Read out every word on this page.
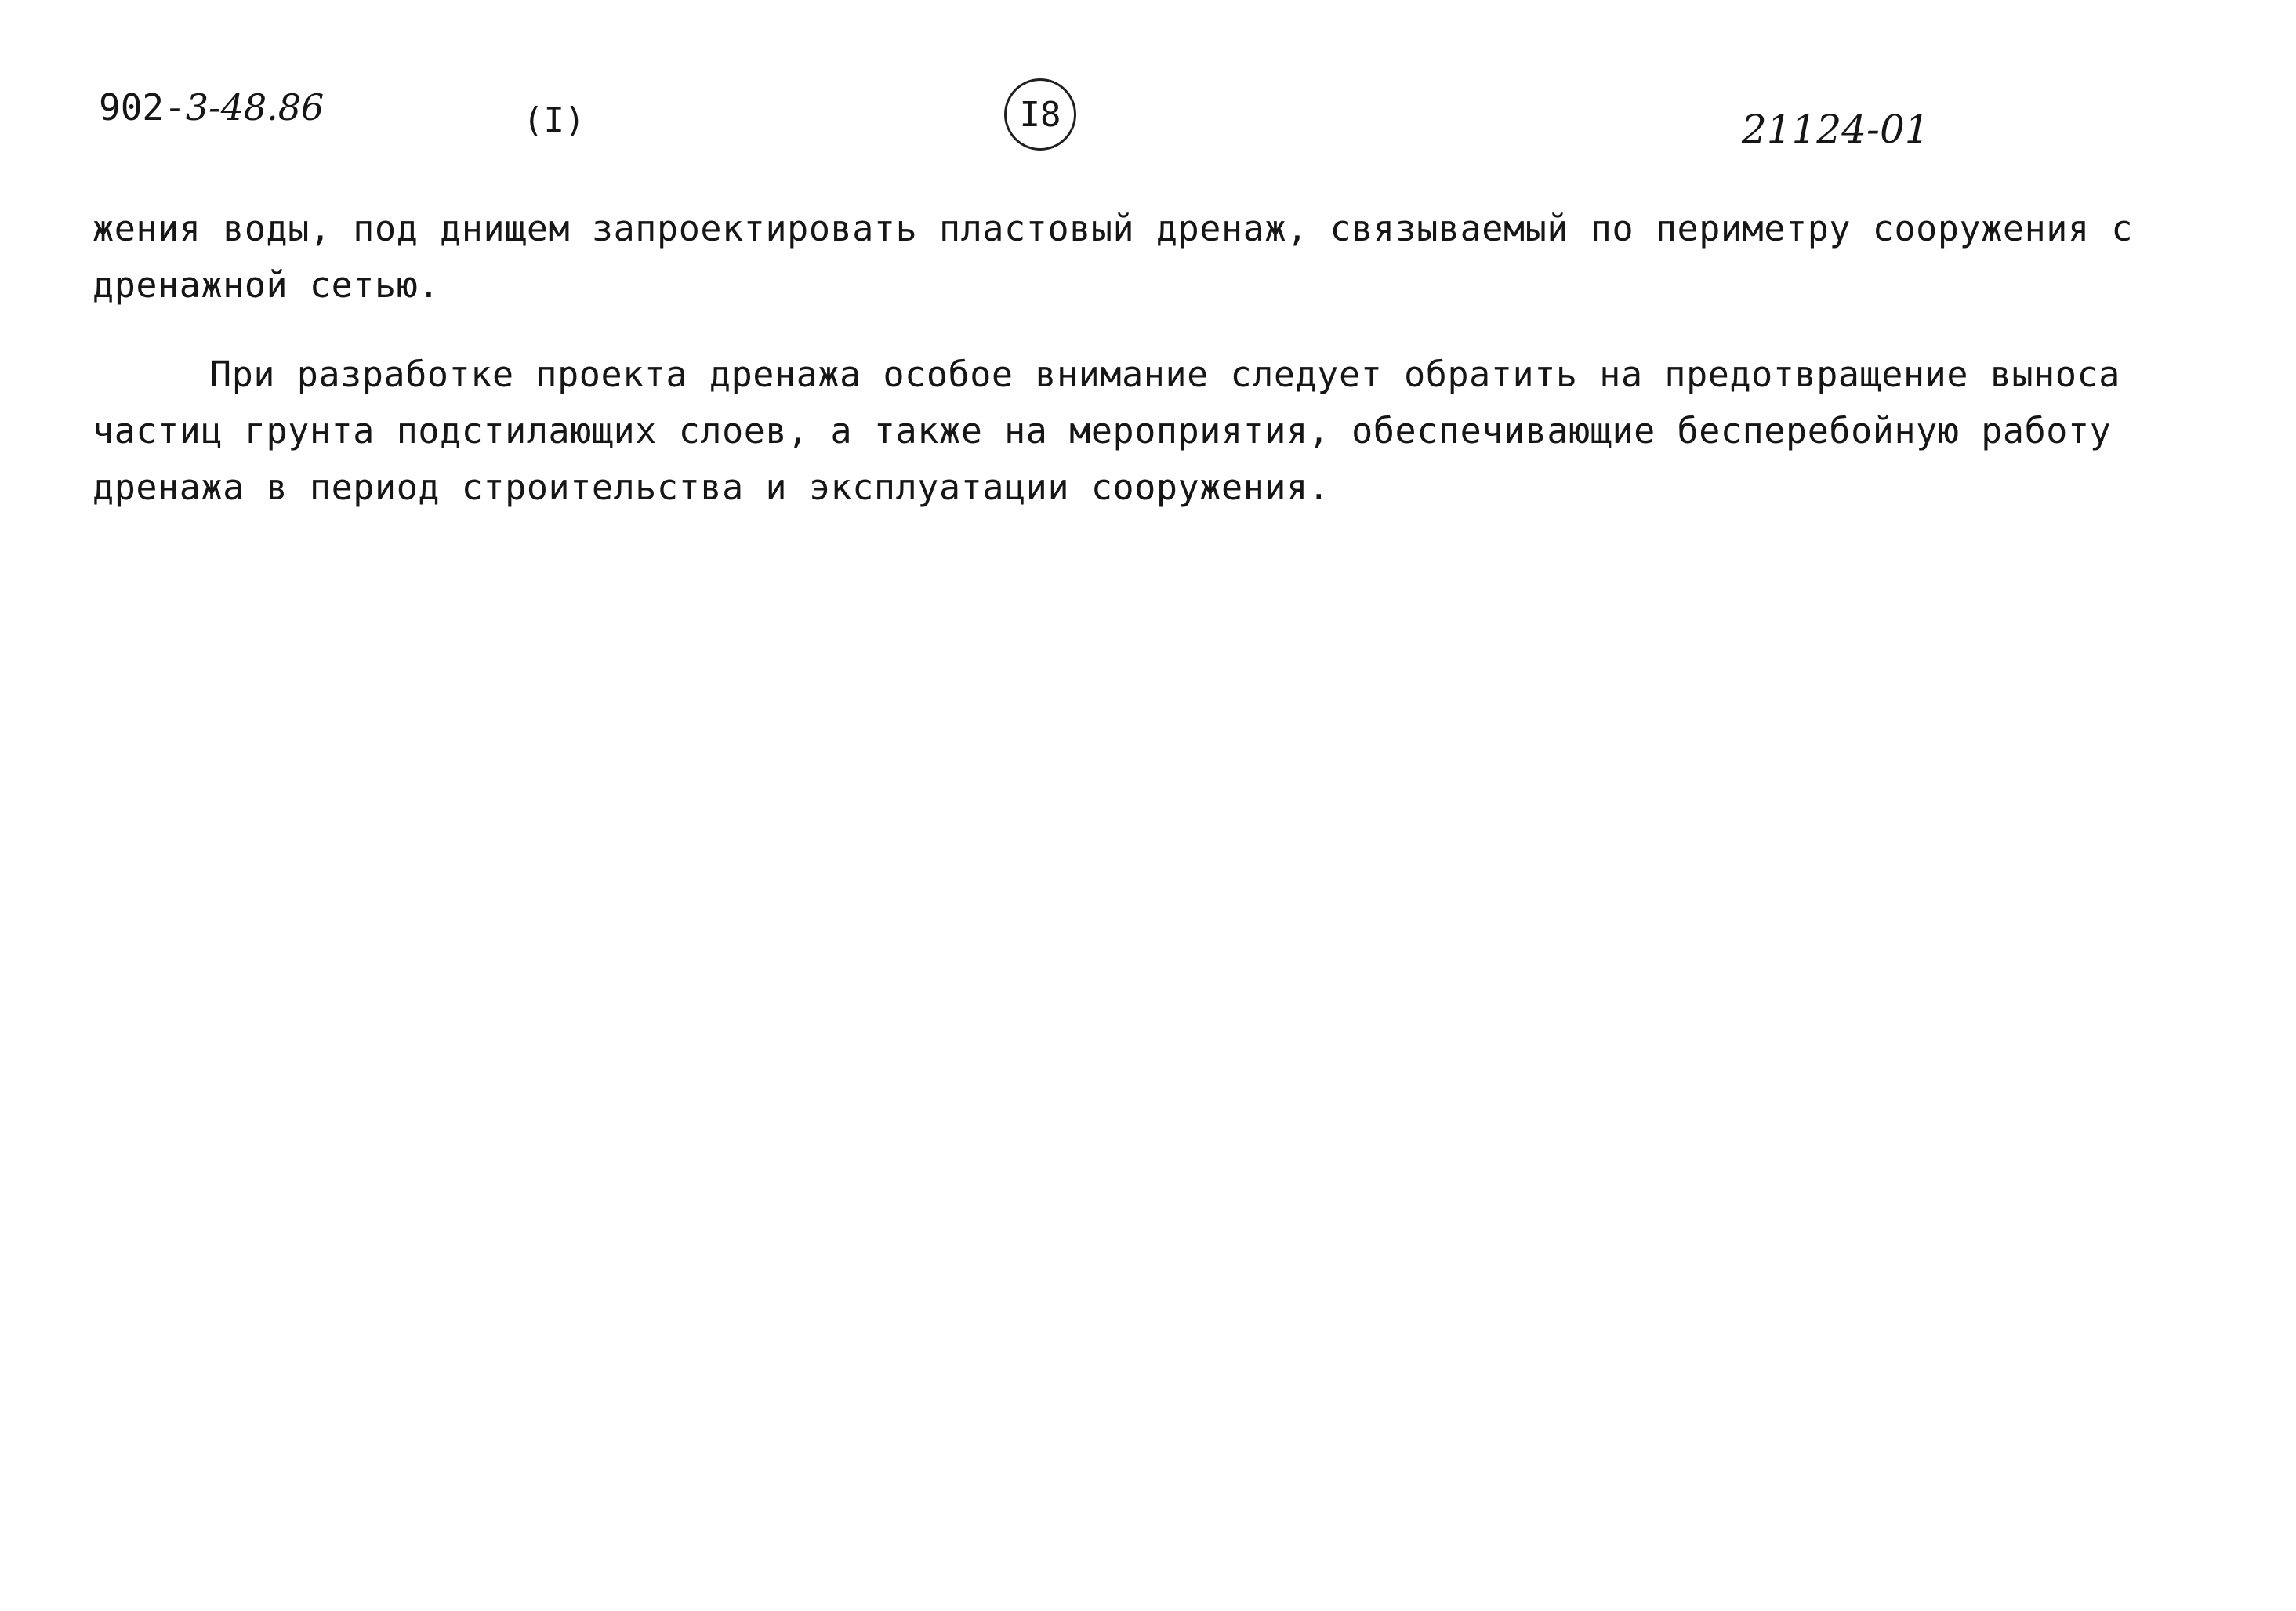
902-3-48.86	(I)	I8	21124-01

жения воды, под днищем запроектировать пластовый дренаж, связываемый по периметру сооружения с
дренажной сетью.

При разработке проекта дренажа особое внимание следует обратить на предотвращение выноса
частиц грунта подстилающих слоев, а также на мероприятия, обеспечивающие бесперебойную работу
дренажа в период строительства и эксплуатации сооружения.
